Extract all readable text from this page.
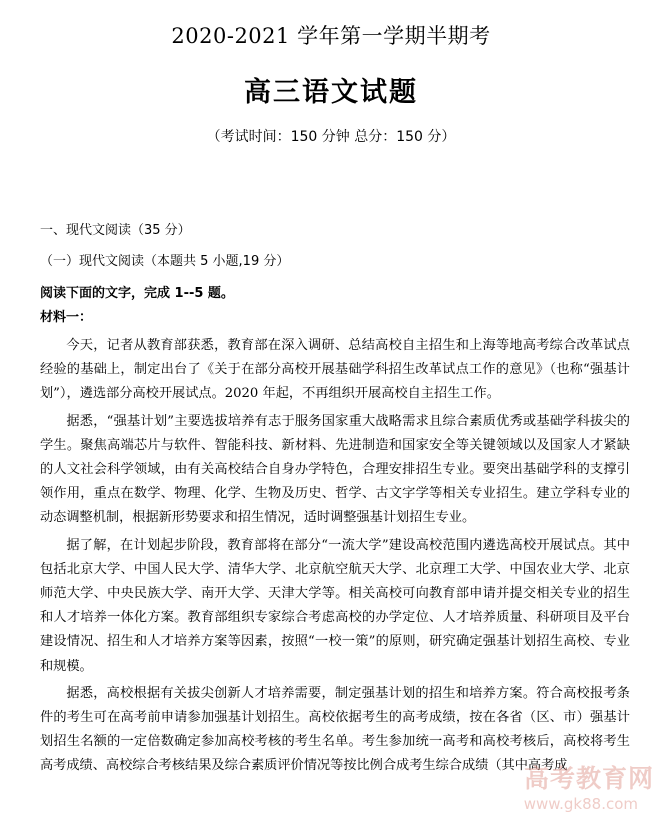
2020-2021 学年第一学期半期考
高三语文试题
（考试时间：150 分钟 总分：150 分）
一、现代文阅读（35 分）
（一）现代文阅读（本题共 5 小题,19 分）
阅读下面的文字，完成 1--5 题。
材料一：

今天，记者从教育部获悉，教育部在深入调研、总结高校自主招生和上海等地高考综合改革试点经验的基础上，制定出台了《关于在部分高校开展基础学科招生改革试点工作的意见》（也称“强基计划”），遴选部分高校开展试点。2020 年起，不再组织开展高校自主招生工作。

据悉，“强基计划”主要选拔培养有志于服务国家重大战略需求且综合素质优秀或基础学科拔尖的学生。聚焦高端芯片与软件、智能科技、新材料、先进制造和国家安全等关键领域以及国家人才紧缺的人文社会科学领域，由有关高校结合自身办学特色，合理安排招生专业。要突出基础学科的支撑引领作用，重点在数学、物理、化学、生物及历史、哲学、古文字学等相关专业招生。建立学科专业的动态调整机制，根据新形势要求和招生情况，适时调整强基计划招生专业。

据了解，在计划起步阶段，教育部将在部分“一流大学”建设高校范围内遴选高校开展试点。其中包括北京大学、中国人民大学、清华大学、北京航空航天大学、北京理工大学、中国农业大学、北京师范大学、中央民族大学、南开大学、天津大学等。相关高校可向教育部申请并提交相关专业的招生和人才培养一体化方案。教育部组织专家综合考虑高校的办学定位、人才培养质量、科研项目及平台建设情况、招生和人才培养方案等因素，按照“一校一策”的原则，研究确定强基计划招生高校、专业和规模。

据悉，高校根据有关拔尖创新人才培养需要，制定强基计划的招生和培养方案。符合高校报考条件的考生可在高考前申请参加强基计划招生。高校依据考生的高考成绩，按在各省（区、市）强基计划招生名额的一定倍数确定参加高校考核的考生名单。考生参加统一高考和高校考核后，高校将考生高考成绩、高校综合考核结果及综合素质评价情况等按比例合成考生综合成绩（其中高考成

高考教育网
www.gk88.com
